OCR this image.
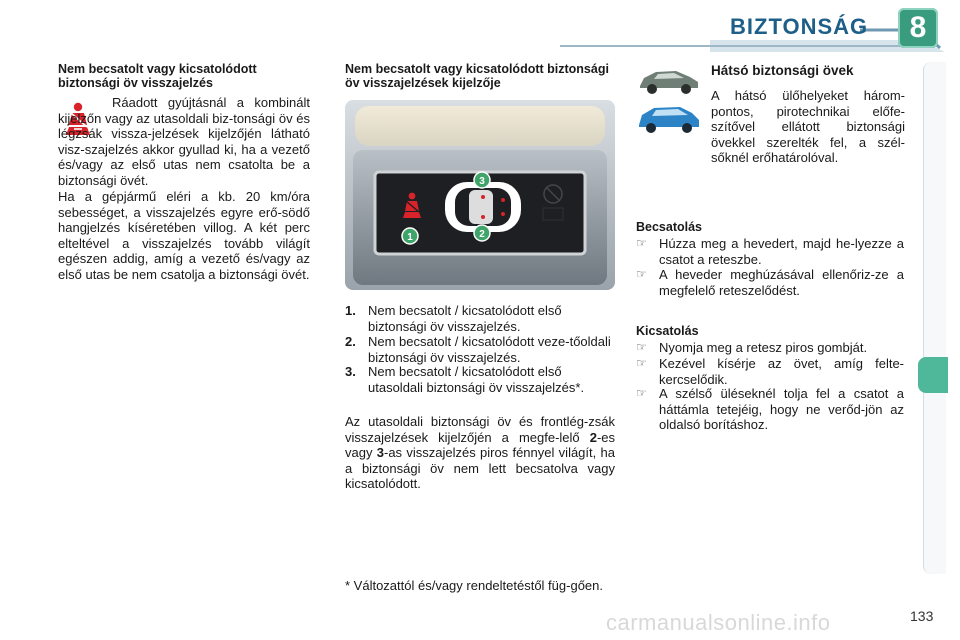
BIZTONSÁG	8
Nem becsatolt vagy kicsatolódott biztonsági öv visszajelzés

Ráadott gyújtásnál a kombinált kijelzőn vagy az utasoldali biz-tonsági öv és légzsák vissza-jelzések kijelzőjén látható visz-szajelzés akkor gyullad ki, ha a vezető és/vagy az első utas nem csatolta be a biztonsági övét.

Ha a gépjármű eléri a kb. 20 km/óra sebességet, a visszajelzés egyre erő-södő hangjelzés kíséretében villog. A két perc elteltével a visszajelzés tovább világít egészen addig, amíg a vezető és/vagy az első utas be nem csatolja a biztonsági övét.

Nem becsatolt vagy kicsatolódott biztonsági öv visszajelzések kijelzője
1	2
3
1. Nem becsatolt / kicsatolódott első biztonsági öv visszajelzés.
2. Nem becsatolt / kicsatolódott veze-tőoldali biztonsági öv visszajelzés.
3. Nem becsatolt / kicsatolódott első utasoldali biztonsági öv visszajelzés*.

Az utasoldali biztonsági öv és frontlég-zsák visszajelzések kijelzőjén a megfe-lelő 2-es vagy 3-as visszajelzés piros fénnyel világít, ha a biztonsági öv nem lett becsatolva vagy kicsatolódott.

* Változattól és/vagy rendeltetéstől füg-gően.

Hátsó biztonsági övek

A hátsó ülőhelyeket három-pontos, pirotechnikai előfe-szítővel ellátott biztonsági övekkel szerelték fel, a szél-sőknél erőhatárolóval.

Becsatolás
☞ Húzza meg a hevedert, majd he-lyezze a csatot a reteszbe.
☞ A heveder meghúzásával ellenőriz-ze a megfelelő reteszelődést.
Kicsatolás
☞ Nyomja meg a retesz piros gombját.
☞ Kezével kísérje az övet, amíg felte-kercselődik.
☞ A szélső üléseknél tolja fel a csatot a háttámla tetejéig, hogy ne verőd-jön az oldalsó borításhoz.
133
carmanualsonline.info
